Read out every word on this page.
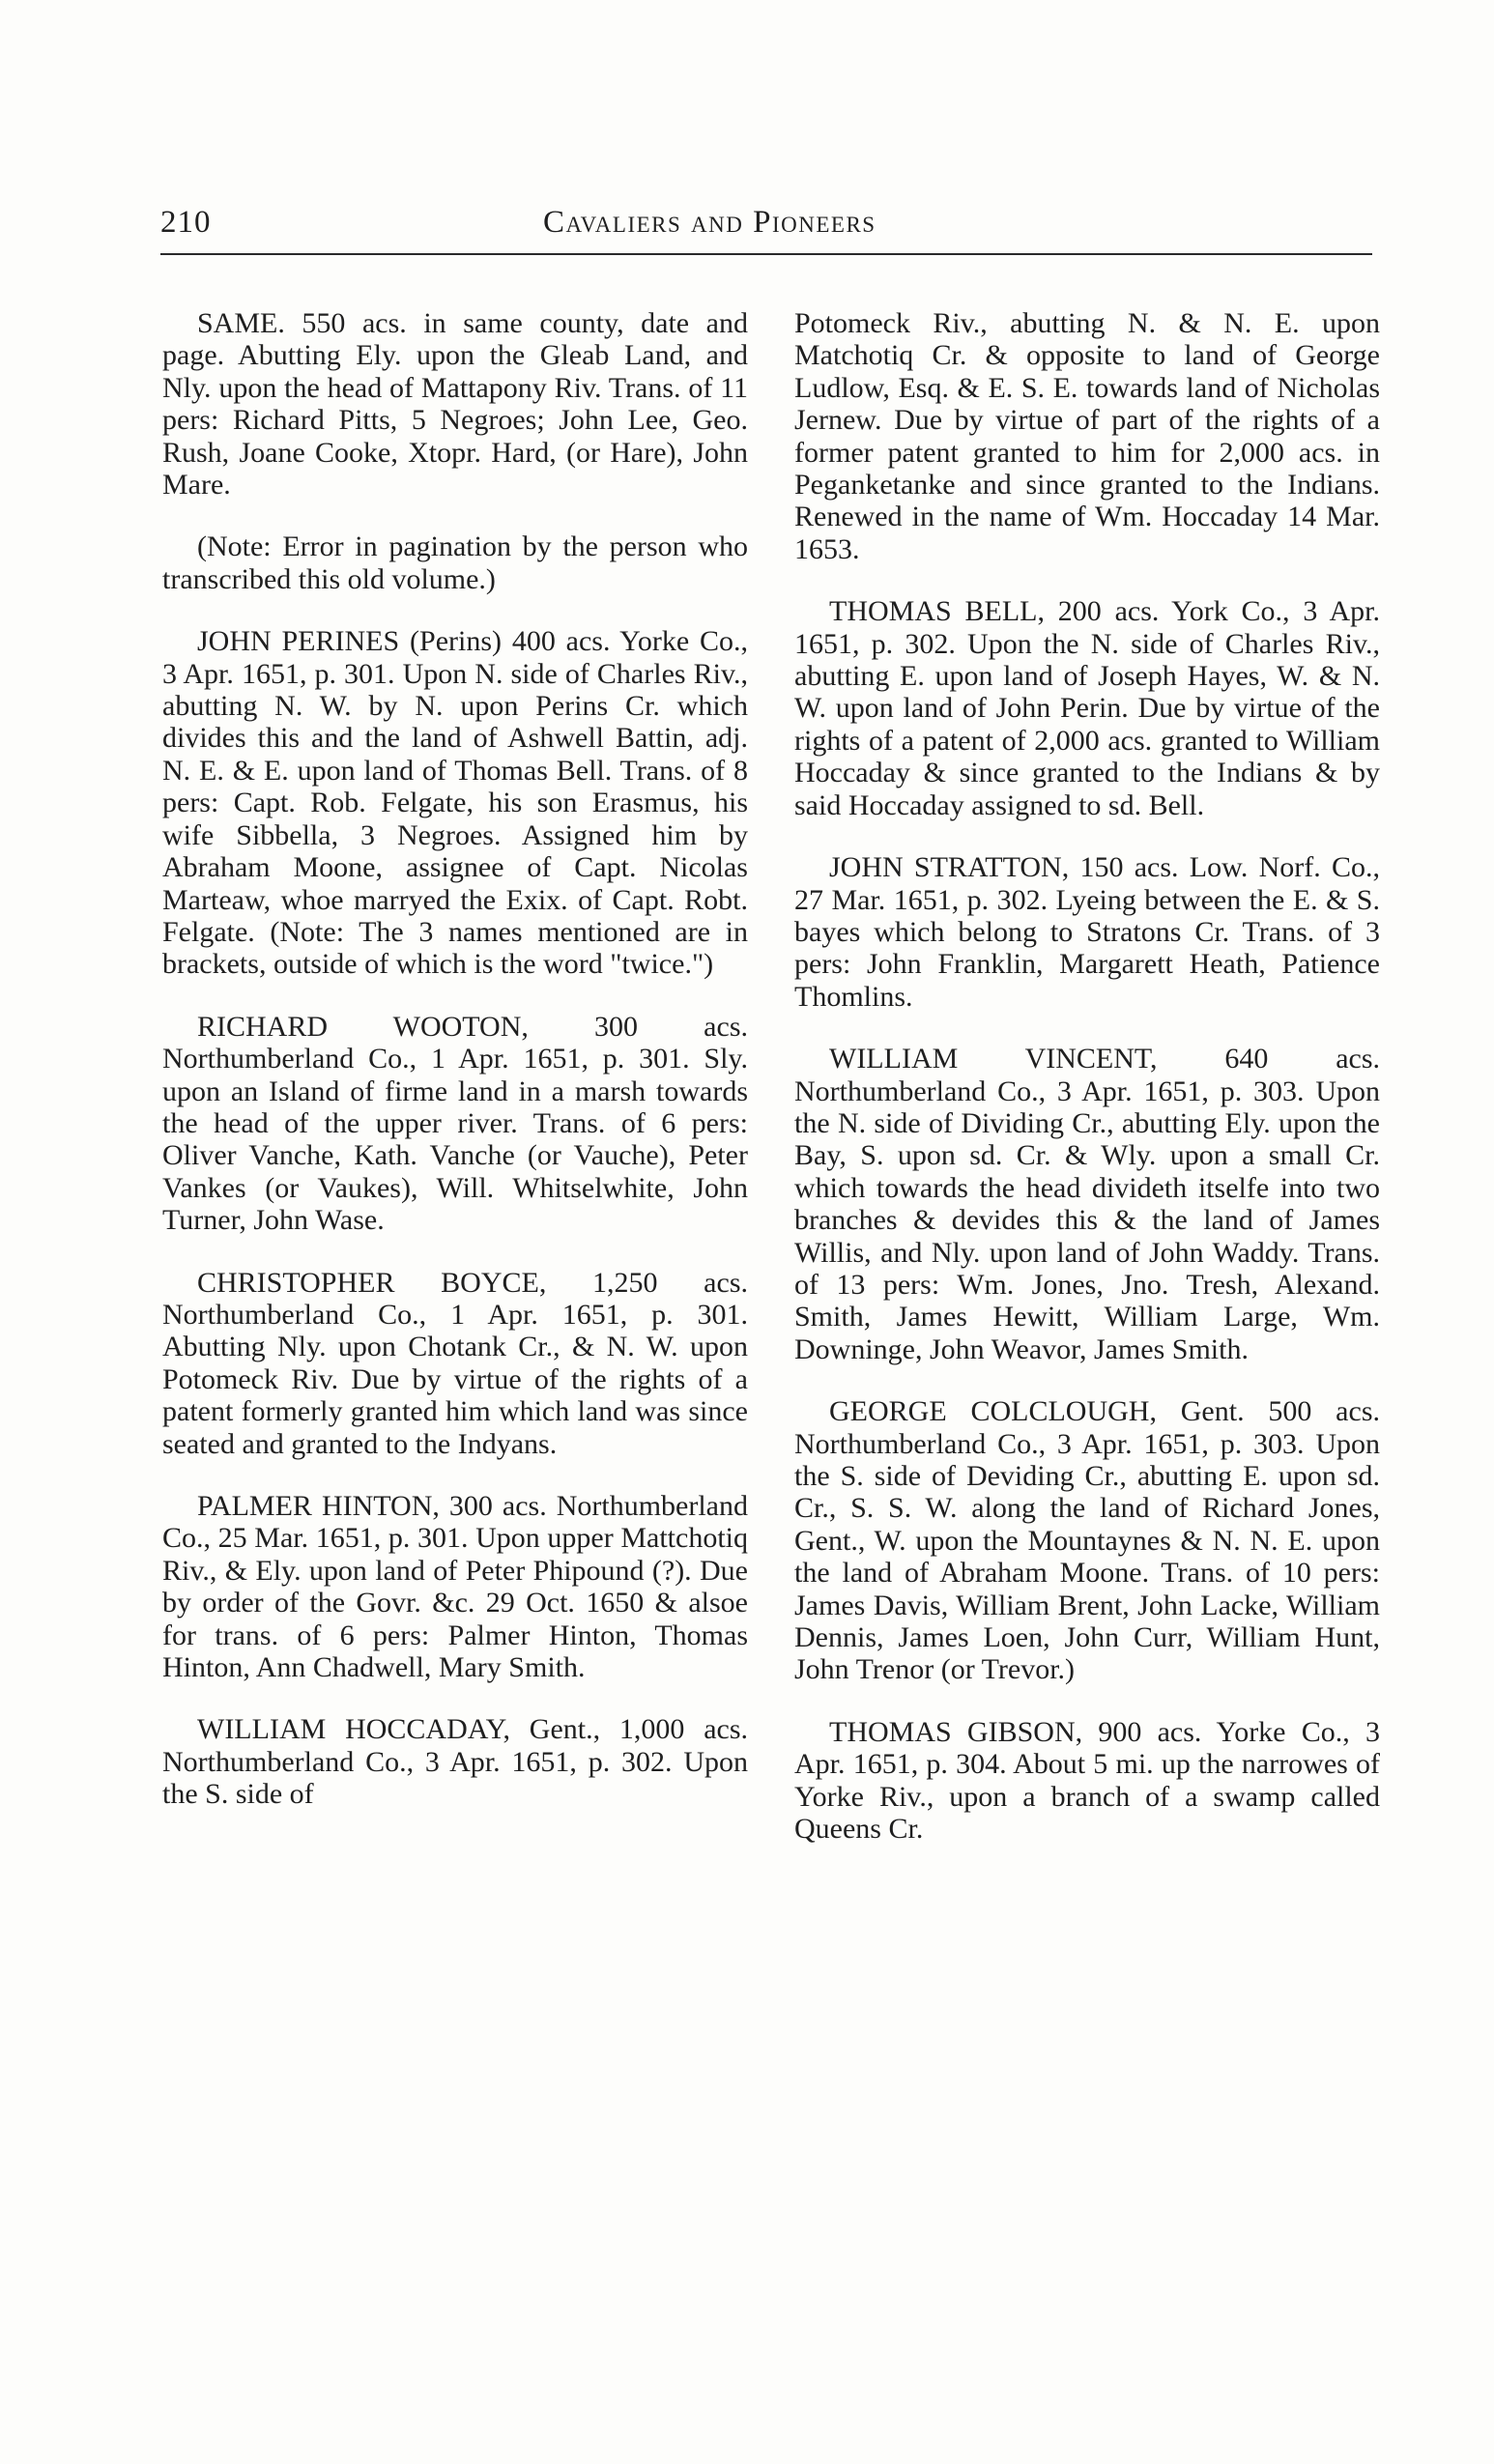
210	Cavaliers and Pioneers

SAME. 550 acs. in same county, date and page. Abutting Ely. upon the Gleab Land, and Nly. upon the head of Mattapony Riv. Trans. of 11 pers: Richard Pitts, 5 Negroes; John Lee, Geo. Rush, Joane Cooke, Xtopr. Hard, (or Hare), John Mare.

(Note: Error in pagination by the person who transcribed this old volume.)

JOHN PERINES (Perins) 400 acs. Yorke Co., 3 Apr. 1651, p. 301. Upon N. side of Charles Riv., abutting N. W. by N. upon Perins Cr. which divides this and the land of Ashwell Battin, adj. N. E. & E. upon land of Thomas Bell. Trans. of 8 pers: Capt. Rob. Felgate, his son Erasmus, his wife Sibbella, 3 Negroes. Assigned him by Abraham Moone, assignee of Capt. Nicolas Marteaw, whoe marryed the Exix. of Capt. Robt. Felgate. (Note: The 3 names mentioned are in brackets, outside of which is the word "twice.")

RICHARD WOOTON, 300 acs. Northumberland Co., 1 Apr. 1651, p. 301. Sly. upon an Island of firme land in a marsh towards the head of the upper river. Trans. of 6 pers: Oliver Vanche, Kath. Vanche (or Vauche), Peter Vankes (or Vaukes), Will. Whitselwhite, John Turner, John Wase.

CHRISTOPHER BOYCE, 1,250 acs. Northumberland Co., 1 Apr. 1651, p. 301. Abutting Nly. upon Chotank Cr., & N. W. upon Potomeck Riv. Due by virtue of the rights of a patent formerly granted him which land was since seated and granted to the Indyans.

PALMER HINTON, 300 acs. Northumberland Co., 25 Mar. 1651, p. 301. Upon upper Mattchotiq Riv., & Ely. upon land of Peter Phipound (?). Due by order of the Govr. &c. 29 Oct. 1650 & alsoe for trans. of 6 pers: Palmer Hinton, Thomas Hinton, Ann Chadwell, Mary Smith.

WILLIAM HOCCADAY, Gent., 1,000 acs. Northumberland Co., 3 Apr. 1651, p. 302. Upon the S. side of

Potomeck Riv., abutting N. & N. E. upon Matchotiq Cr. & opposite to land of George Ludlow, Esq. & E. S. E. towards land of Nicholas Jernew. Due by virtue of part of the rights of a former patent granted to him for 2,000 acs. in Peganketanke and since granted to the Indians. Renewed in the name of Wm. Hoccaday 14 Mar. 1653.

THOMAS BELL, 200 acs. York Co., 3 Apr. 1651, p. 302. Upon the N. side of Charles Riv., abutting E. upon land of Joseph Hayes, W. & N. W. upon land of John Perin. Due by virtue of the rights of a patent of 2,000 acs. granted to William Hoccaday & since granted to the Indians & by said Hoccaday assigned to sd. Bell.

JOHN STRATTON, 150 acs. Low. Norf. Co., 27 Mar. 1651, p. 302. Lyeing between the E. & S. bayes which belong to Stratons Cr. Trans. of 3 pers: John Franklin, Margarett Heath, Patience Thomlins.

WILLIAM VINCENT, 640 acs. Northumberland Co., 3 Apr. 1651, p. 303. Upon the N. side of Dividing Cr., abutting Ely. upon the Bay, S. upon sd. Cr. & Wly. upon a small Cr. which towards the head divideth itselfe into two branches & devides this & the land of James Willis, and Nly. upon land of John Waddy. Trans. of 13 pers: Wm. Jones, Jno. Tresh, Alexand. Smith, James Hewitt, William Large, Wm. Downinge, John Weavor, James Smith.

GEORGE COLCLOUGH, Gent. 500 acs. Northumberland Co., 3 Apr. 1651, p. 303. Upon the S. side of Deviding Cr., abutting E. upon sd. Cr., S. S. W. along the land of Richard Jones, Gent., W. upon the Mountaynes & N. N. E. upon the land of Abraham Moone. Trans. of 10 pers: James Davis, William Brent, John Lacke, William Dennis, James Loen, John Curr, William Hunt, John Trenor (or Trevor.)

THOMAS GIBSON, 900 acs. Yorke Co., 3 Apr. 1651, p. 304. About 5 mi. up the narrowes of Yorke Riv., upon a branch of a swamp called Queens Cr.
